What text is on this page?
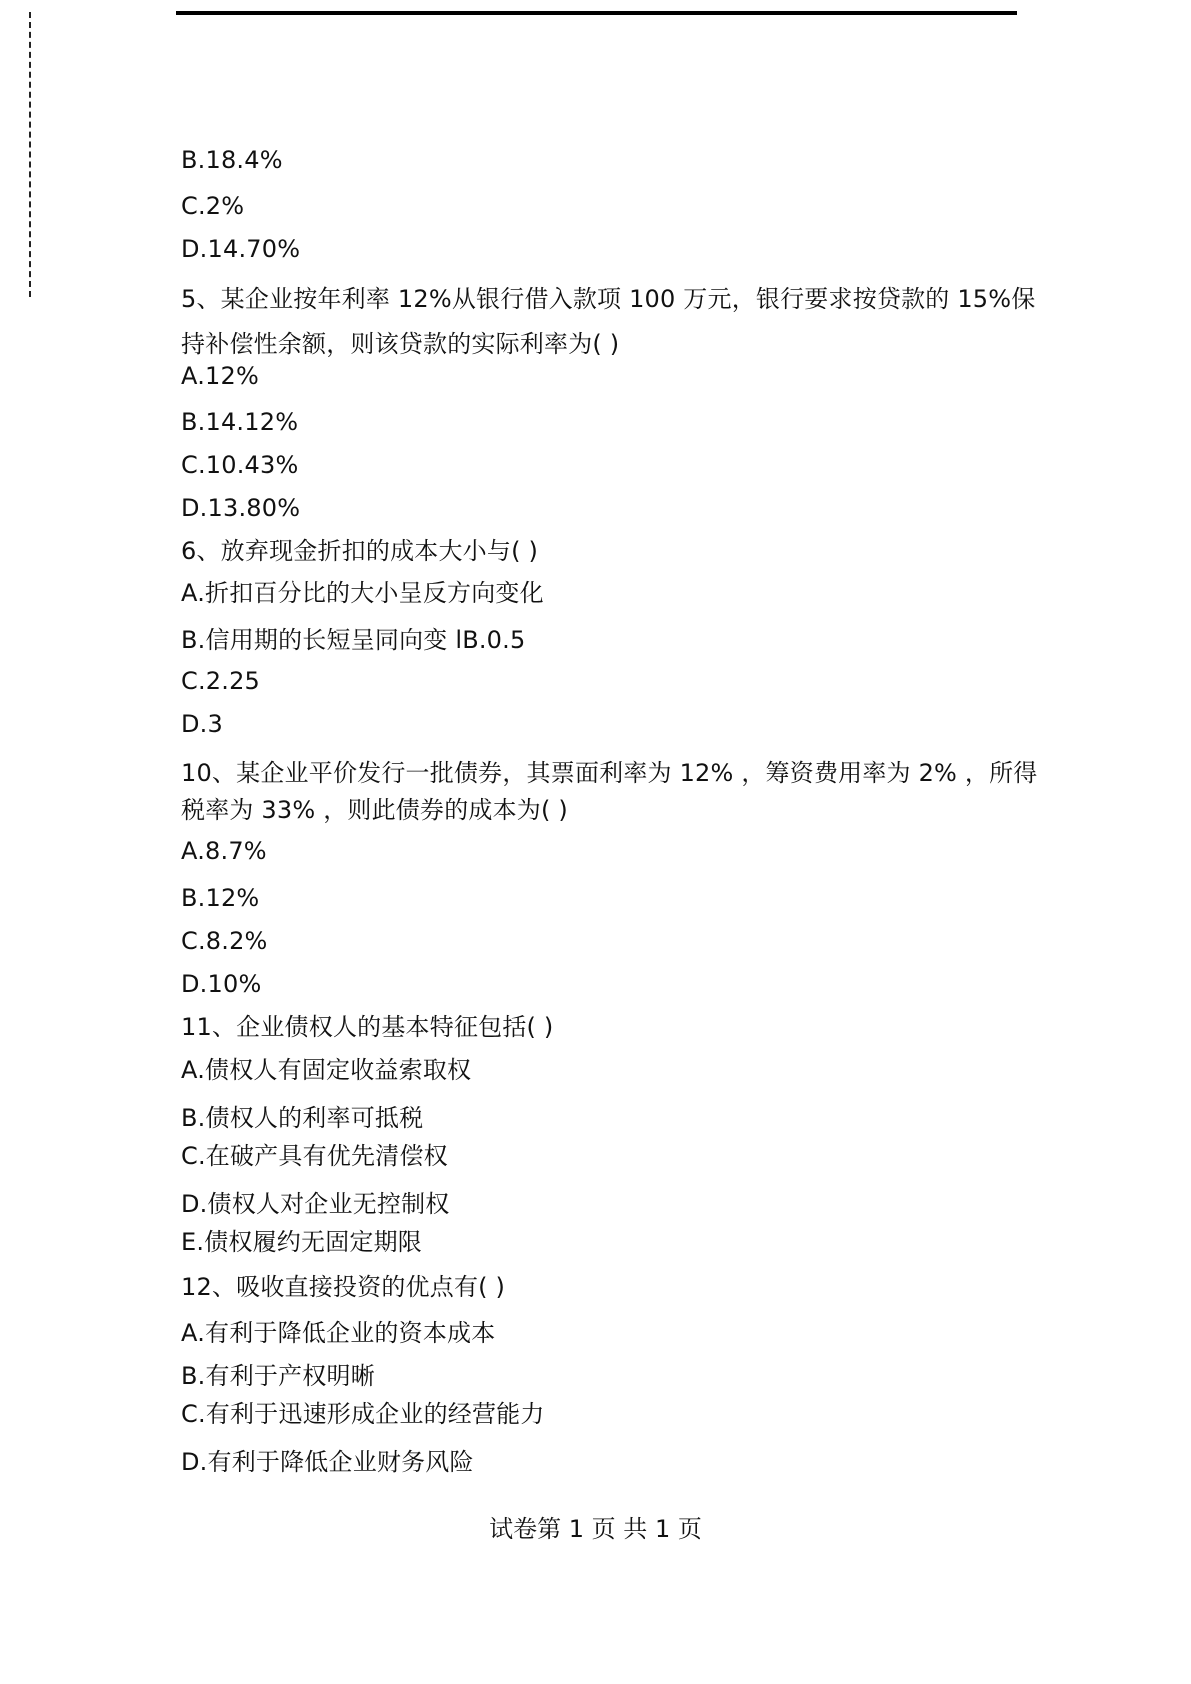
B.18.4%
C.2%
D.14.70%
5、某企业按年利率 12%从银行借入款项 100 万元，银行要求按贷款的 15%保
持补偿性余额，则该贷款的实际利率为( )
A.12%
B.14.12%
C.10.43%
D.13.80%
6、放弃现金折扣的成本大小与( )
A.折扣百分比的大小呈反方向变化
B.信用期的长短呈同向变 lB.0.5
C.2.25
D.3
10、某企业平价发行一批债券，其票面利率为 12% ，筹资费用率为 2% ，所得
税率为 33% ，则此债券的成本为( )
A.8.7%
B.12%
C.8.2%
D.10%
11、企业债权人的基本特征包括( )
A.债权人有固定收益索取权
B.债权人的利率可抵税
C.在破产具有优先清偿权
D.债权人对企业无控制权
E.债权履约无固定期限
12、吸收直接投资的优点有( )
A.有利于降低企业的资本成本
B.有利于产权明晰
C.有利于迅速形成企业的经营能力
D.有利于降低企业财务风险
试卷第 1 页 共 1 页
